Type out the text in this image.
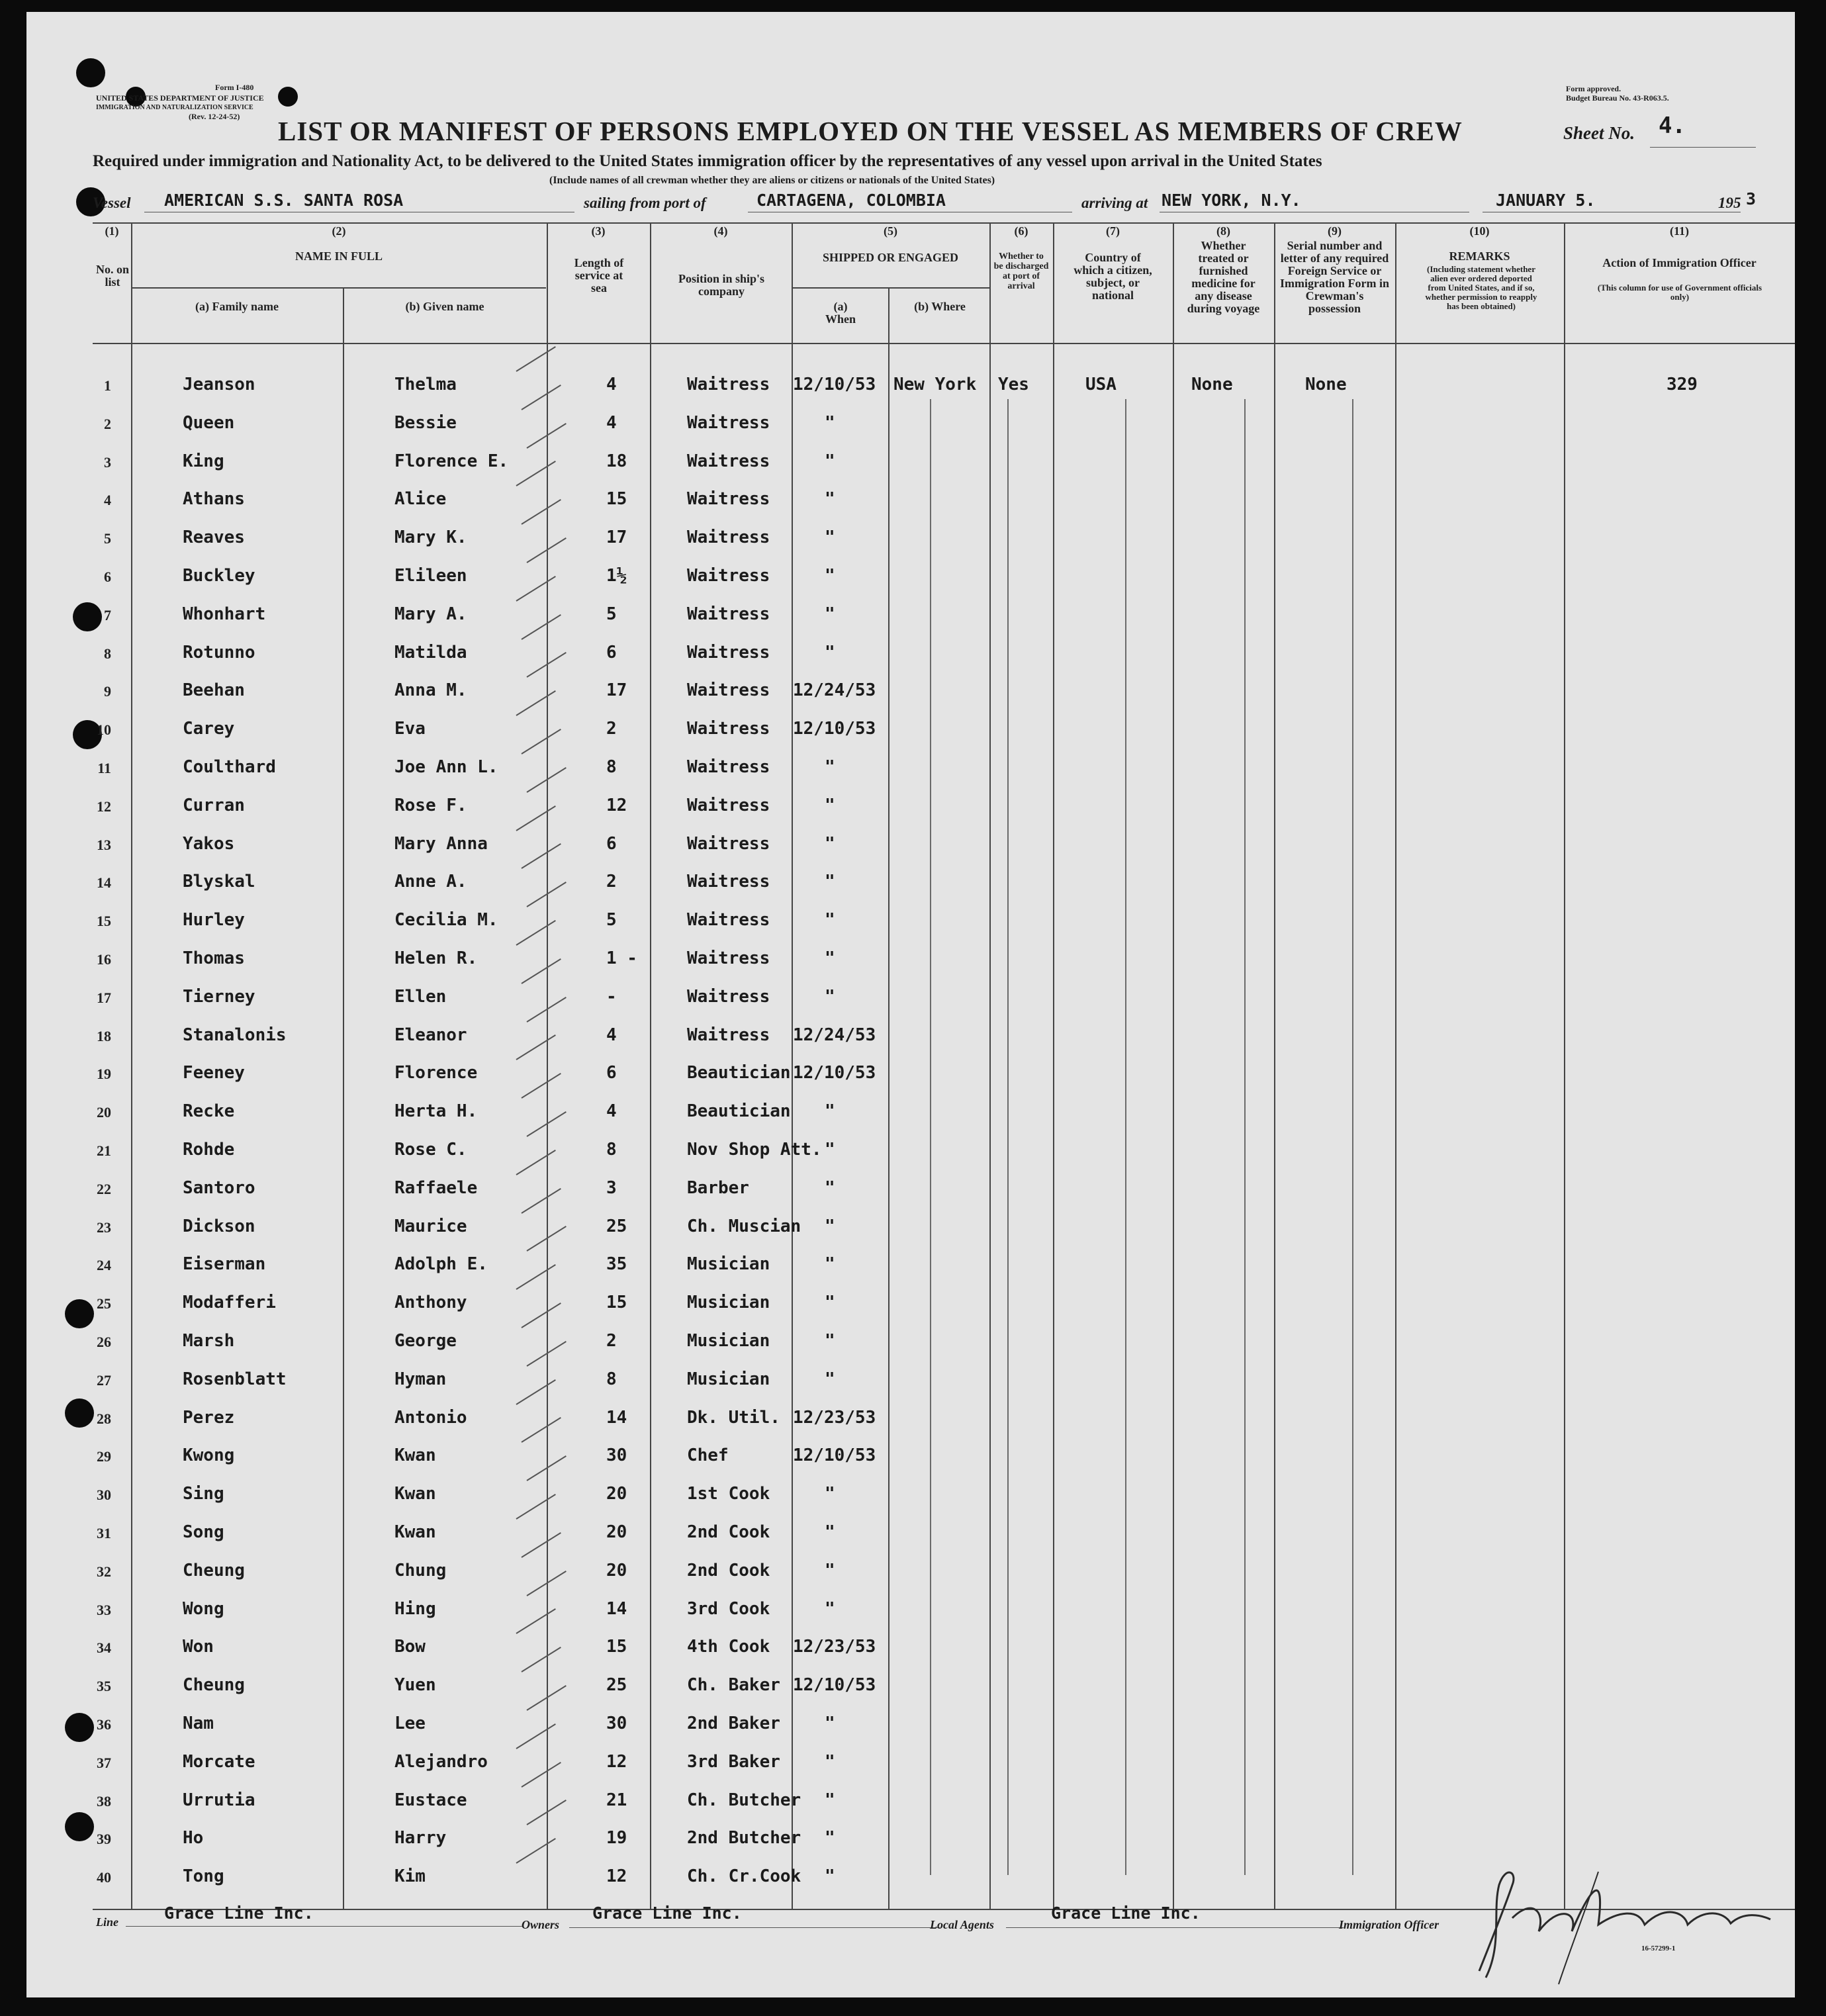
Form I-480
UNITED STATES DEPARTMENT OF JUSTICE
IMMIGRATION AND NATURALIZATION SERVICE
(Rev. 12-24-52)
Form approved.
Budget Bureau No. 43-R063.5.
Sheet No. 4.
LIST OR MANIFEST OF PERSONS EMPLOYED ON THE VESSEL AS MEMBERS OF CREW
Required under immigration and Nationality Act, to be delivered to the United States immigration officer by the representatives of any vessel upon arrival in the United States
(Include names of all crewman whether they are aliens or citizens or nationals of the United States)
Vessel AMERICAN S.S. SANTA ROSA	sailing from port of	CARTAGENA, COLOMBIA	arriving at NEW YORK, N.Y.	JANUARY 5.	195 3
(1)
No. on list
(2)
NAME IN FULL
(a) Family name	(b) Given name
(3)
Length of service at sea
(4)
Position in ship's company
(5)
SHIPPED OR ENGAGED
(a) When
(b) Where
(6)
Whether to be discharged at port of arrival
(7)
Country of which a citizen, subject, or national
(8)
Whether treated or furnished medicine for any disease during voyage
(9)
Serial number and letter of any required Foreign Service or Immigration Form in Crewman's possession
(10)
REMARKS
(Including statement whether alien ever ordered deported from United States, and if so, whether permission to reapply has been obtained)
(11)
Action of Immigration Officer
(This column for use of Government officials only)
1	Jeanson	Thelma	4	Waitress 12/10/53 New York Yes	USA	None	None	329
2	Queen	Bessie	4	Waitress	"
3	King	Florence E.	18	Waitress	"
4	Athans	Alice	15	Waitress	"
5	Reaves	Mary K.	17	Waitress	"
6	Buckley	Elileen	1½	Waitress	"
7	Whonhart	Mary A.	5	Waitress	"
8	Rotunno	Matilda	6	Waitress	"
9	Beehan	Anna M.	17	Waitress 12/24/53
10	Carey	Eva	2	Waitress 12/10/53
11	Coulthard	Joe Ann L.	8	Waitress	"
12	Curran	Rose F.	12	Waitress	"
13	Yakos	Mary Anna	6	Waitress	"
14	Blyskal	Anne A.	2	Waitress	"
15	Hurley	Cecilia M.	5	Waitress	"
16	Thomas	Helen R.	1 -	Waitress	"
17	Tierney	Ellen	-	Waitress	"
18	Stanalonis	Eleanor	4	Waitress 12/24/53
19	Feeney	Florence	6	Beautician 12/10/53
20	Recke	Herta H.	4	Beautician "
21	Rohde	Rose C.	8	Nov Shop Att. "
22	Santoro	Raffaele	3	Barber	"
23	Dickson	Maurice	25	Ch. Muscian "
24	Eiserman	Adolph E.	35	Musician	"
25	Modafferi	Anthony	15	Musician	"
26	Marsh	George	2	Musician	"
27	Rosenblatt	Hyman	8	Musician	"
28	Perez	Antonio	14	Dk. Util. 12/23/53
29	Kwong	Kwan	30	Chef	12/10/53
30	Sing	Kwan	20	1st Cook	"
31	Song	Kwan	20	2nd Cook	"
32	Cheung	Chung	20	2nd Cook	"
33	Wong	Hing	14	3rd Cook	"
34	Won	Bow	15	4th Cook 12/23/53
35	Cheung	Yuen	25	Ch. Baker 12/10/53
36	Nam	Lee	30	2nd Baker	"
37	Morcate	Alejandro	12	3rd Baker	"
38	Urrutia	Eustace	21	Ch. Butcher "
39	Ho	Harry	19	2nd Butcher "
40	Tong	Kim	12	Ch. Cr.Cook "
Line	Grace Line Inc.
Owners
Grace Line Inc.
Local Agents
Grace Line Inc.
Immigration Officer
16-57299-1
